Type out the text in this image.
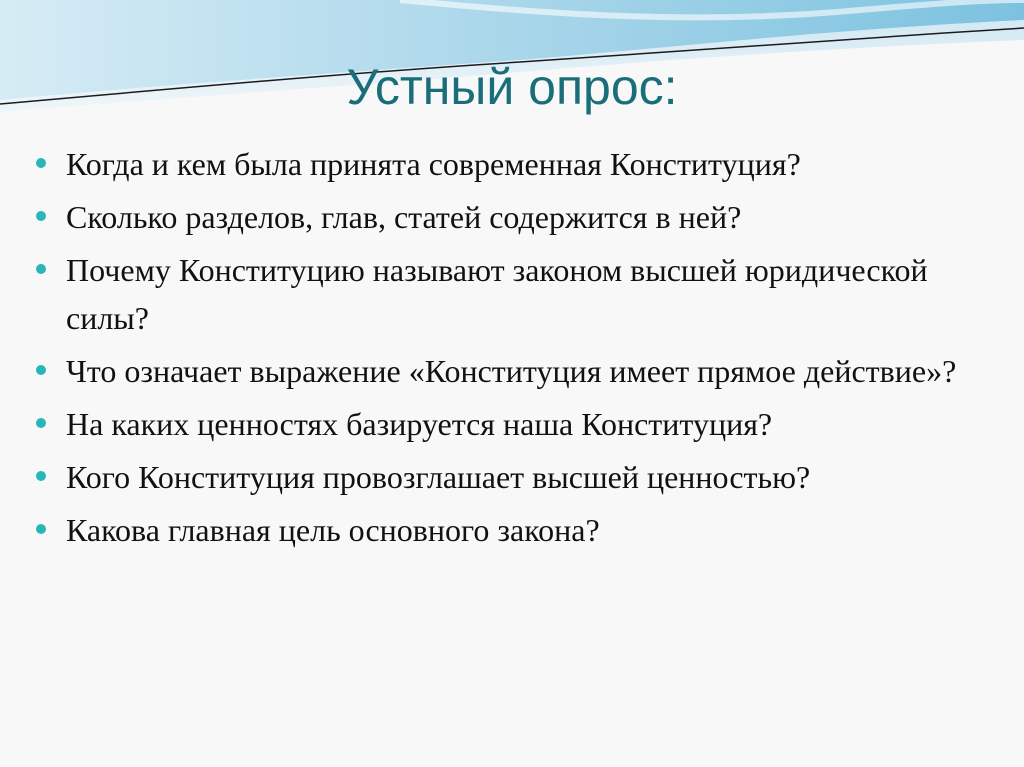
Устный опрос:
Когда и кем была принята современная Конституция?
Сколько разделов, глав, статей содержится в ней?
Почему Конституцию называют законом высшей юридической силы?
Что означает выражение «Конституция имеет прямое действие»?
На каких ценностях базируется наша Конституция?
Кого Конституция провозглашает высшей ценностью?
Какова главная цель основного закона?
